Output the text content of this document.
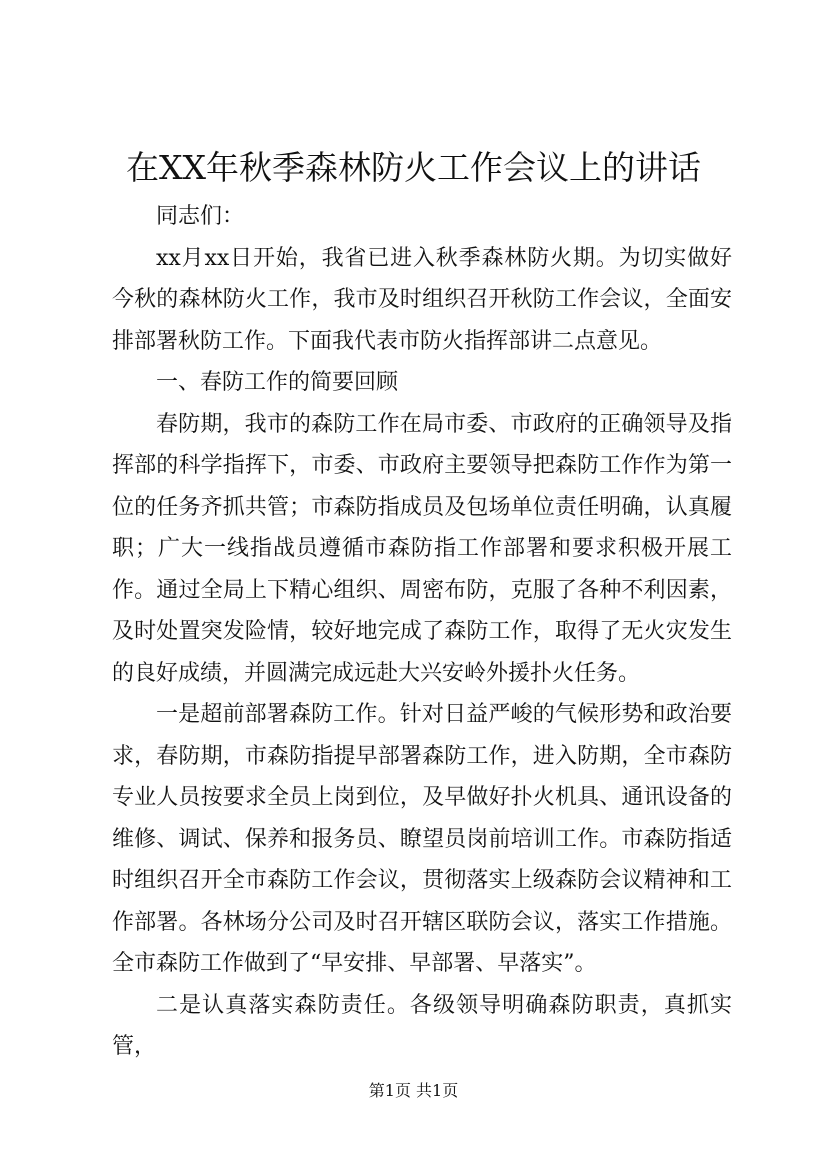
在XX年秋季森林防火工作会议上的讲话

同志们：

xx月xx日开始，我省已进入秋季森林防火期。为切实做好今秋的森林防火工作，我市及时组织召开秋防工作会议，全面安排部署秋防工作。下面我代表市防火指挥部讲二点意见。

一、春防工作的简要回顾

春防期，我市的森防工作在局市委、市政府的正确领导及指挥部的科学指挥下，市委、市政府主要领导把森防工作作为第一位的任务齐抓共管；市森防指成员及包场单位责任明确，认真履职；广大一线指战员遵循市森防指工作部署和要求积极开展工作。通过全局上下精心组织、周密布防，克服了各种不利因素，及时处置突发险情，较好地完成了森防工作，取得了无火灾发生的良好成绩，并圆满完成远赴大兴安岭外援扑火任务。

一是超前部署森防工作。针对日益严峻的气候形势和政治要求，春防期，市森防指提早部署森防工作，进入防期，全市森防专业人员按要求全员上岗到位，及早做好扑火机具、通讯设备的维修、调试、保养和报务员、瞭望员岗前培训工作。市森防指适时组织召开全市森防工作会议，贯彻落实上级森防会议精神和工作部署。各林场分公司及时召开辖区联防会议，落实工作措施。全市森防工作做到了“早安排、早部署、早落实”。

二是认真落实森防责任。各级领导明确森防职责，真抓实管，

第1页 共1页
